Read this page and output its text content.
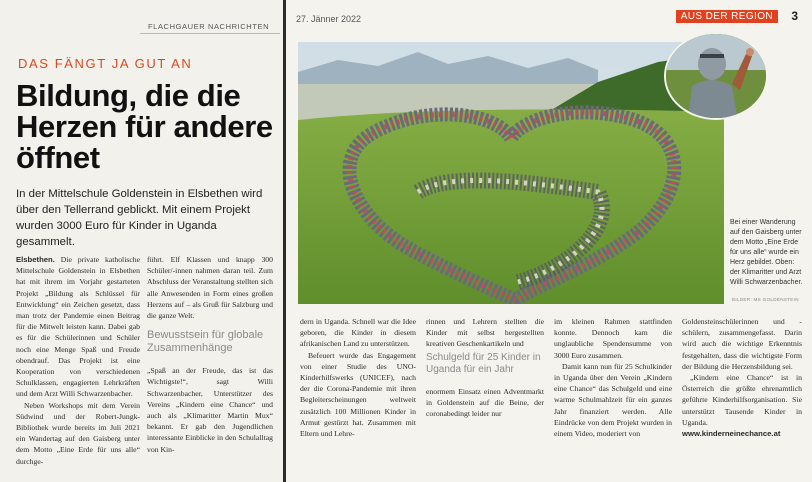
FLACHGAUER NACHRICHTEN
DAS FÄNGT JA GUT AN
Bildung, die die Herzen für andere öffnet
In der Mittelschule Goldenstein in Elsbethen wird über den Tellerrand geblickt. Mit einem Projekt wurden 3000 Euro für Kinder in Uganda gesammelt.

Elsbethen. Die private katholische Mittelschule Goldenstein in Elsbethen hat mit ihrem im Vorjahr gestarteten Projekt „Bildung als Schlüssel für Entwicklung“ ein Zeichen gesetzt, dass man trotz der Pandemie einen Beitrag für die Mitwelt leisten kann. Dabei gab es für die Schülerinnen und Schüler noch eine Menge Spaß und Freude obendrauf. Das Projekt ist eine Kooperation von verschiedenen Schulklassen, engagierten Lehrkräften und dem Arzt Willi Schwarzenbacher.

Neben Workshops mit dem Verein Südwind und der Robert-Jungk-Bibliothek wurde bereits im Juli 2021 ein Wandertag auf den Gaisberg unter dem Motto „Eine Erde für uns alle“ durchge-

führt. Elf Klassen und knapp 300 Schüler/-innen nahmen daran teil. Zum Abschluss der Veranstaltung stellten sich alle Anwesenden in Form eines großen Herzens auf – als Gruß für Salzburg und die ganze Welt.

Bewusstsein für globale Zusammenhänge

„Spaß an der Freude, das ist das Wichtigste!“, sagt Willi Schwarzenbacher, Unterstützer des Vereins „Kindern eine Chance“ und auch als „Klimaritter Martin Mux“ bekannt. Er gab den Jugendlichen interessante Einblicke in den Schulalltag von Kin-

27. Jänner 2022	AUS DER REGION	3
Bei einer Wanderung auf den Gaisberg unter dem Motto „Eine Erde für uns alle“ wurde ein Herz gebildet. Oben: der Klimaritter und Arzt Willi Schwarzenbacher.
BILDER: MS GOLDENSTEIN

dern in Uganda. Schnell war die Idee geboren, die Kinder in diesem afrikanischen Land zu unterstützen.

Befeuert wurde das Engagement von einer Studie des UNO-Kinderhilfswerks (UNICEF), nach der die Corona-Pandemie mit ihren Begleiterscheinungen weltweit zusätzlich 100 Millionen Kinder in Armut gestürzt hat. Zusammen mit Eltern und Lehre-

rinnen und Lehrern stellten die Kinder mit selbst hergestellten kreativen Geschenkartikeln und

Schulgeld für 25 Kinder in Uganda für ein Jahr

enormem Einsatz einen Adventmarkt in Goldenstein auf die Beine, der coronabedingt leider nur

im kleinen Rahmen stattfinden konnte. Dennoch kam die unglaubliche Spendensumme von 3000 Euro zusammen.

Damit kann nun für 25 Schulkinder in Uganda über den Verein „Kindern eine Chance“ das Schulgeld und eine warme Schulmahlzeit für ein ganzes Jahr finanziert werden. Alle Eindrücke von dem Projekt wurden in einem Video, moderiert von

Goldensteinschülerinnen und -schülern, zusammengefasst. Darin wird auch die wichtige Erkenntnis festgehalten, dass die wichtigste Form der Bildung die Herzensbildung sei.

„Kindern eine Chance“ ist in Österreich die größte ehrenamtlich geführte Kinderhilfsorganisation. Sie unterstützt Tausende Kinder in Uganda.

www.kinderneinechance.at
